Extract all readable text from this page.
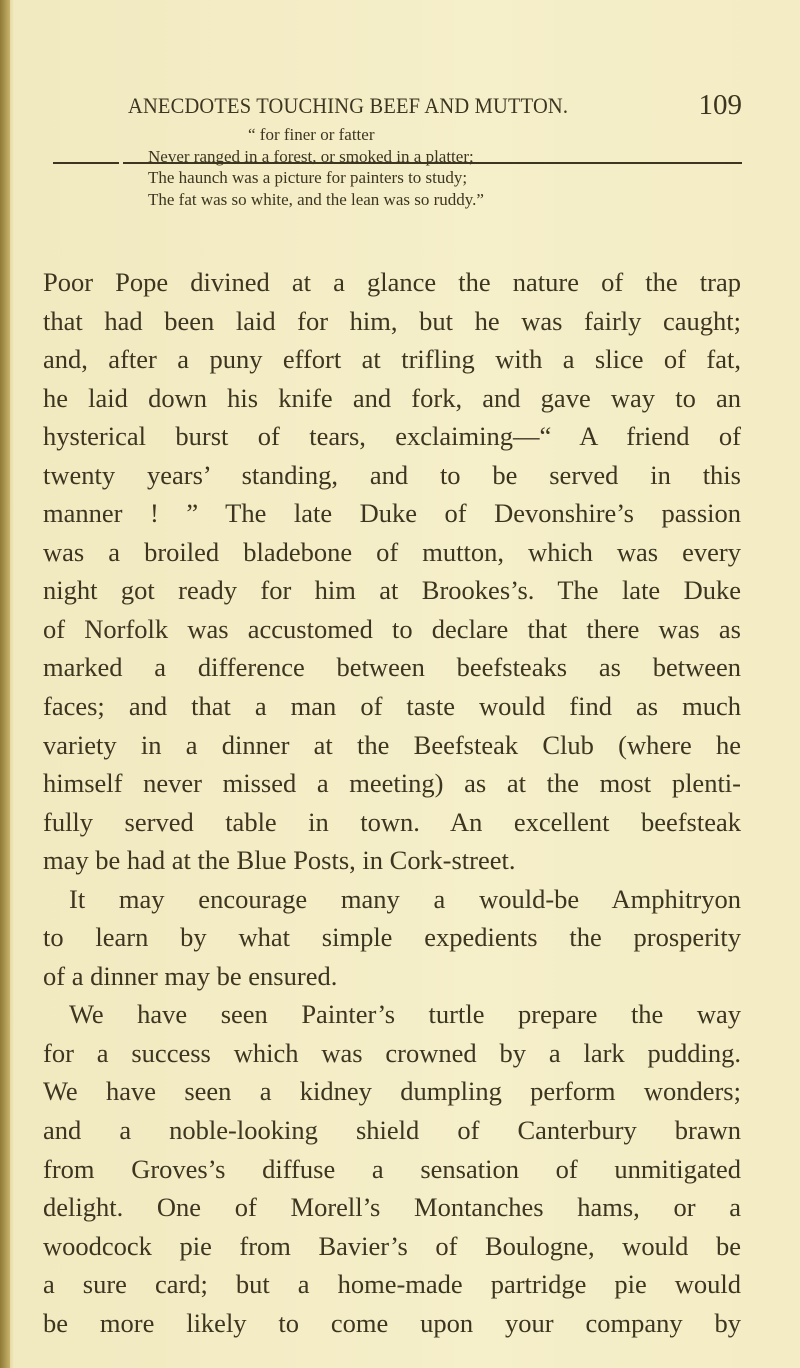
ANECDOTES TOUCHING BEEF AND MUTTON.	109
“ for finer or fatter
Never ranged in a forest, or smoked in a platter;
The haunch was a picture for painters to study;
The fat was so white, and the lean was so ruddy.”
Poor Pope divined at a glance the nature of the trap
that had been laid for him, but he was fairly caught;
and, after a puny effort at trifling with a slice of fat,
he laid down his knife and fork, and gave way to an
hysterical burst of tears, exclaiming—“ A friend of
twenty years’ standing, and to be served in this
manner ! ” The late Duke of Devonshire’s passion
was a broiled bladebone of mutton, which was every
night got ready for him at Brookes’s. The late Duke
of Norfolk was accustomed to declare that there was as
marked a difference between beefsteaks as between
faces; and that a man of taste would find as much
variety in a dinner at the Beefsteak Club (where he
himself never missed a meeting) as at the most plenti-
fully served table in town. An excellent beefsteak
may be had at the Blue Posts, in Cork-street.
It may encourage many a would-be Amphitryon
to learn by what simple expedients the prosperity
of a dinner may be ensured.
We have seen Painter’s turtle prepare the way
for a success which was crowned by a lark pudding.
We have seen a kidney dumpling perform wonders;
and a noble-looking shield of Canterbury brawn
from Groves’s diffuse a sensation of unmitigated
delight. One of Morell’s Montanches hams, or a
woodcock pie from Bavier’s of Boulogne, would be
a sure card; but a home-made partridge pie would
be more likely to come upon your company by
